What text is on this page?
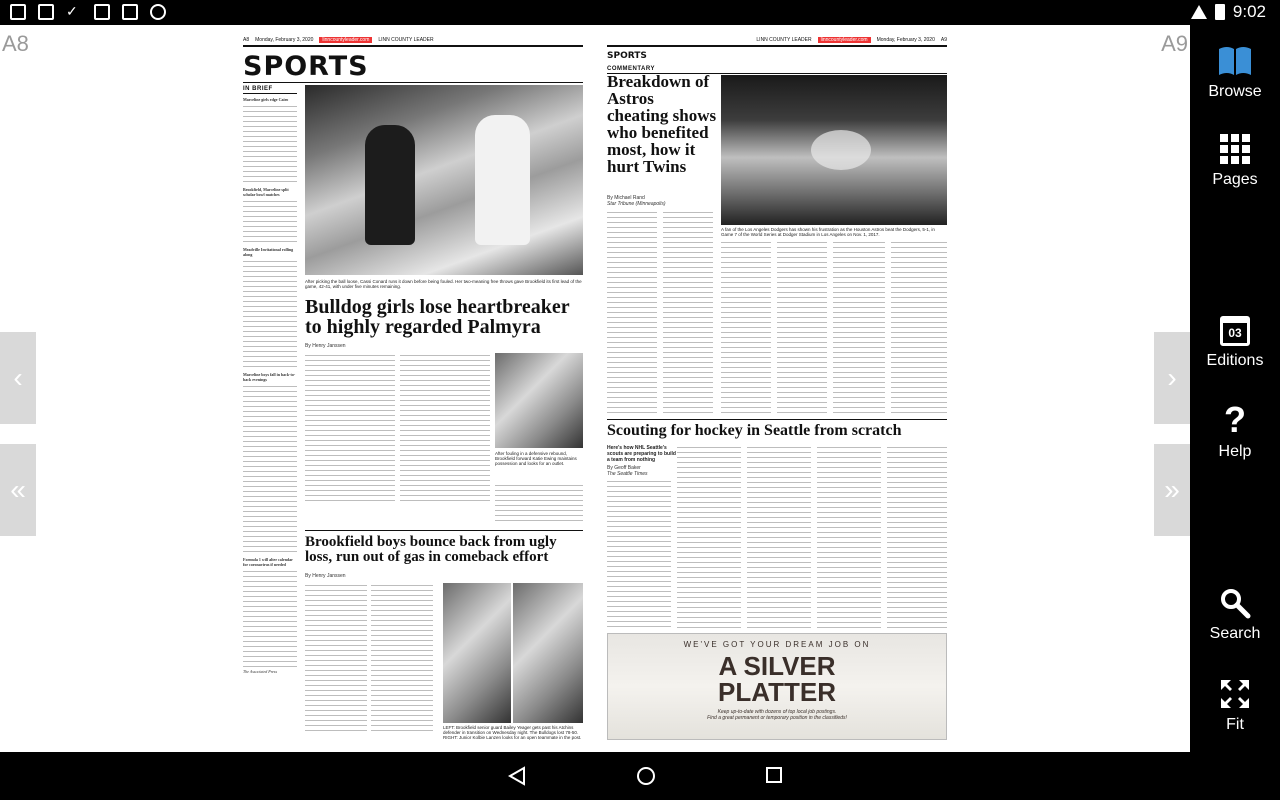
✓	9:02
A8	A9
‹
«
›
»
A8 Monday, February 3, 2020	linncountyleader.com	LINN COUNTY LEADER
SPORTS
IN BRIEF
Marceline girls edge Cairo
Brookfield, Marceline split scholar bowl matches
Meadville Invitational rolling along
Marceline boys fall in back-to-back evenings
Formula 1 will alter calendar for coronavirus if needed
The Associated Press
After picking the ball loose, Cassi Conard runs it down before being fouled. Her two-meaning free throws gave Brookfield its first lead of the game, 42-41, with under five minutes remaining.
Bulldog girls lose heartbreaker to highly regarded Palmyra
By Henry Janssen
After fouling in a defensive rebound, Brookfield forward Katie Ewing maintains possession and looks for an outlet.
Brookfield boys bounce back from ugly loss, run out of gas in comeback effort
By Henry Janssen
LEFT: Brookfield senior guard Bailey Yeager gets past his Atchins defender in transition on Wednesday night. The Bulldogs lost 78-50. RIGHT: Junior Kolbie Lanzen looks for an open teammate in the post.
LINN COUNTY LEADER	linncountyleader.com	Monday, February 3, 2020 A9
SPORTS
COMMENTARY
Breakdown of Astros cheating shows who benefited most, how it hurt Twins
By Michael Rand
Star Tribune (Minneapolis)
A fan of the Los Angeles Dodgers has shown his frustration as the Houston Astros beat the Dodgers, 5-1, in Game 7 of the World Series at Dodger Stadium in Los Angeles on Nov. 1, 2017.
Scouting for hockey in Seattle from scratch
Here's how NHL Seattle's scouts are preparing to build a team from nothing
By Geoff Baker
The Seattle Times
WE'VE GOT YOUR DREAM JOB ON
A SILVER
PLATTER
Keep up-to-date with dozens of top local job postings.
Find a great permanent or temporary position in the classifieds!
Browse
Pages
03
Editions
?
Help
Search
Fit
